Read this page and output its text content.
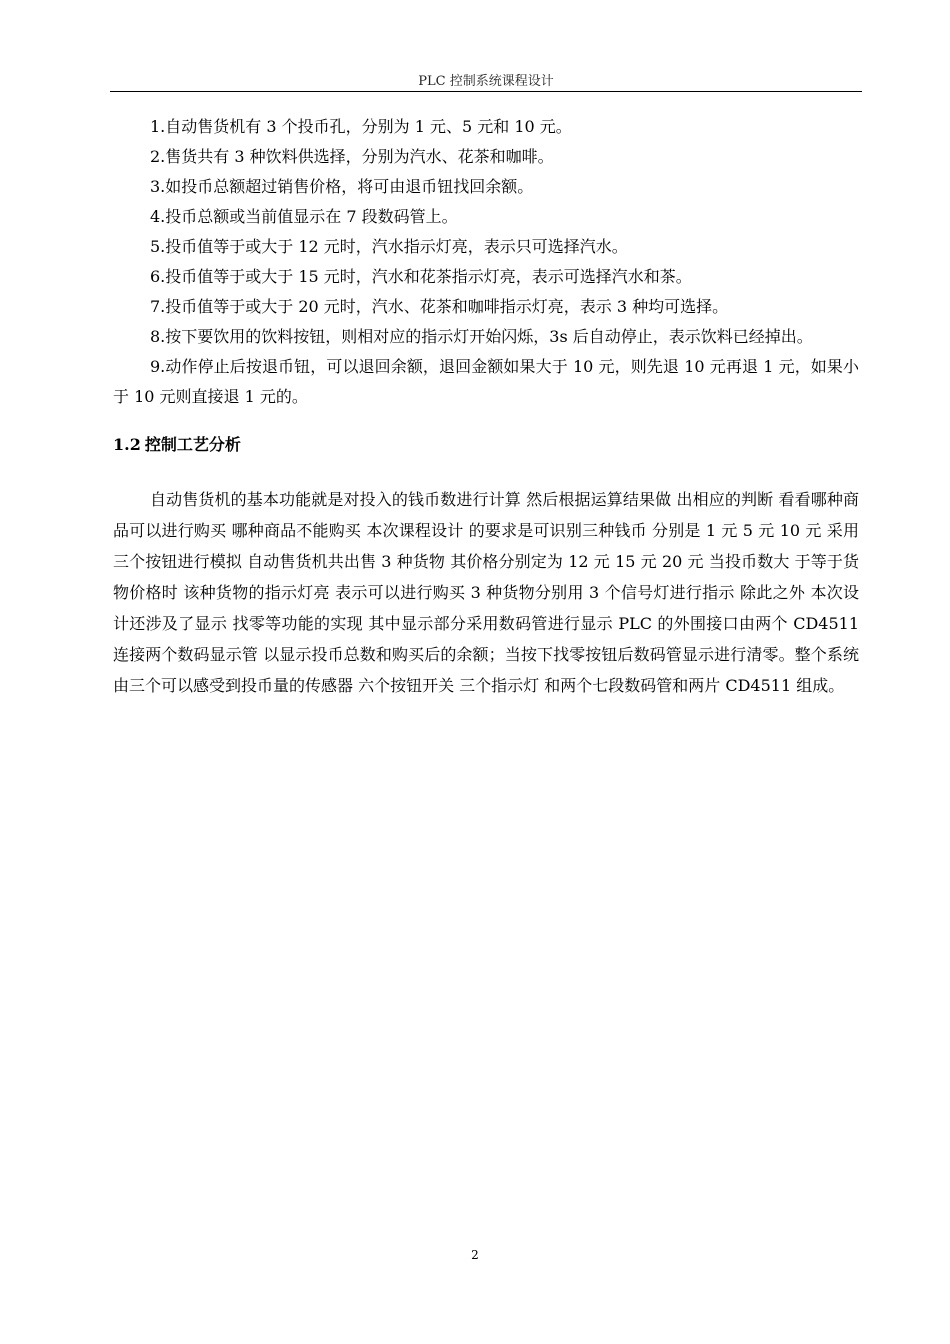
PLC 控制系统课程设计

1.自动售货机有 3 个投币孔，分别为 1 元、5 元和 10 元。

2.售货共有 3 种饮料供选择，分别为汽水、花茶和咖啡。

3.如投币总额超过销售价格，将可由退币钮找回余额。

4.投币总额或当前值显示在 7 段数码管上。

5.投币值等于或大于 12 元时，汽水指示灯亮，表示只可选择汽水。

6.投币值等于或大于 15 元时，汽水和花茶指示灯亮，表示可选择汽水和茶。

7.投币值等于或大于 20 元时，汽水、花茶和咖啡指示灯亮，表示 3 种均可选择。

8.按下要饮用的饮料按钮，则相对应的指示灯开始闪烁，3s 后自动停止，表示饮料已经掉出。

9.动作停止后按退币钮，可以退回余额，退回金额如果大于 10 元，则先退 10 元再退 1 元，如果小于 10 元则直接退 1 元的。

1.2 控制工艺分析

自动售货机的基本功能就是对投入的钱币数进行计算 然后根据运算结果做 出相应的判断 看看哪种商品可以进行购买 哪种商品不能购买 本次课程设计 的要求是可识别三种钱币 分别是 1 元 5 元 10 元 采用三个按钮进行模拟 自动售货机共出售 3 种货物 其价格分别定为 12 元 15 元 20 元 当投币数大 于等于货物价格时 该种货物的指示灯亮 表示可以进行购买 3 种货物分别用 3 个信号灯进行指示 除此之外 本次设计还涉及了显示 找零等功能的实现 其中显示部分采用数码管进行显示 PLC 的外围接口由两个 CD4511 连接两个数码显示管 以显示投币总数和购买后的余额；当按下找零按钮后数码管显示进行清零。整个系统由三个可以感受到投币量的传感器 六个按钮开关 三个指示灯 和两个七段数码管和两片 CD4511 组成。

2
